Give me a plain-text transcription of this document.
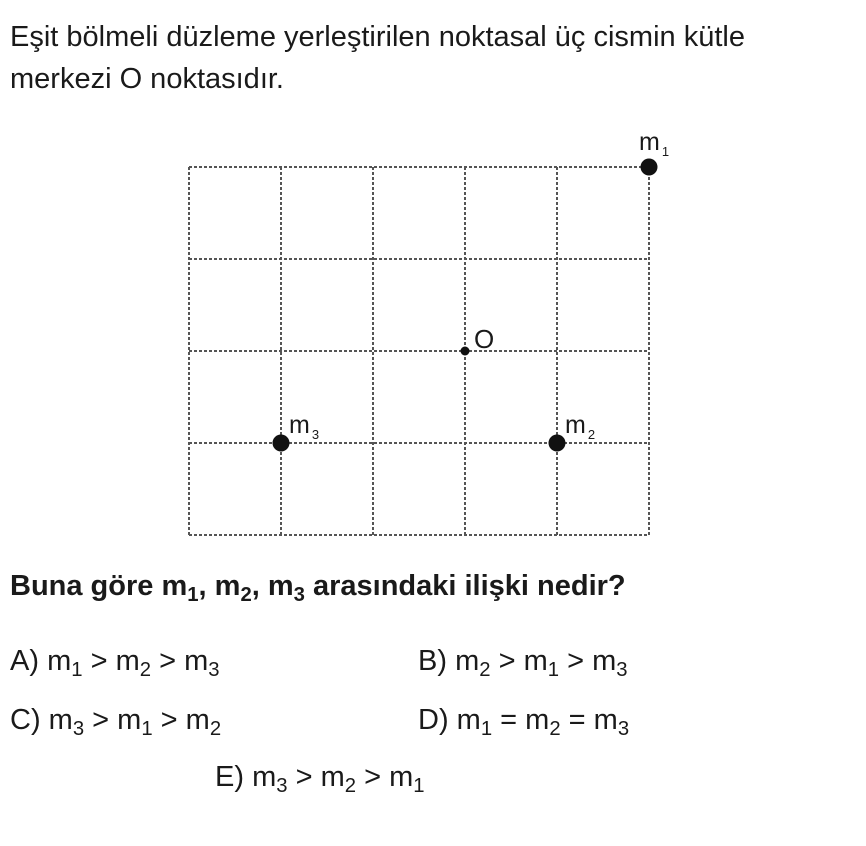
Eşit bölmeli düzleme yerleştirilen noktasal üç cismin kütle
merkezi O noktasıdır.
m $_1$
m $_2$
m $_3$
O

Buna göre $m_1$, $m_2$, $m_3$ arasındaki ilişki nedir?

A) $m_1 > m_2 > m_3$	B) $m_2 > m_1 > m_3$
C) $m_3 > m_1 > m_2$	D) $m_1 = m_2 = m_3$
E) $m_3 > m_2 > m_1$
